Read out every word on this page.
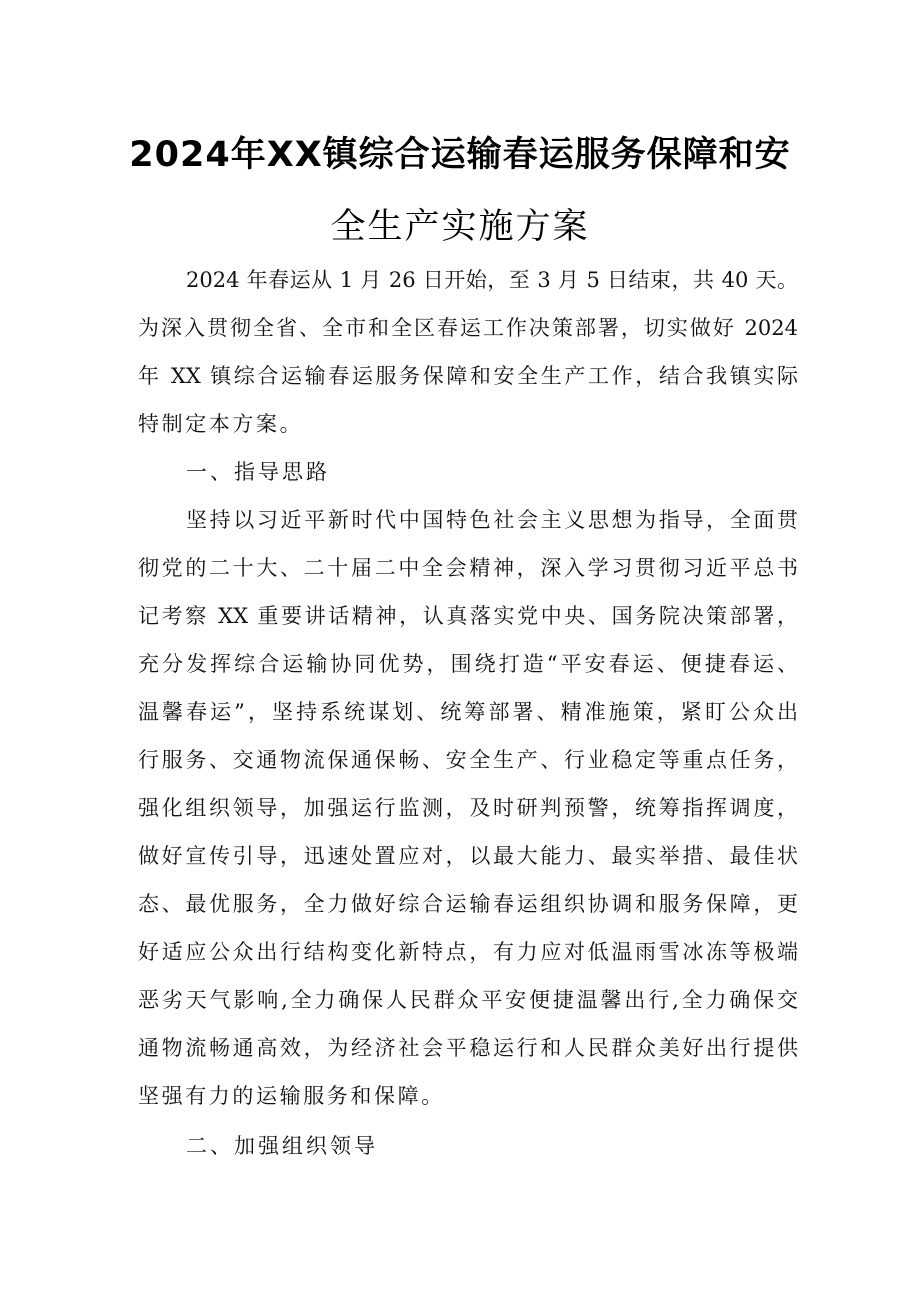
2024年XX镇综合运输春运服务保障和安
全生产实施方案
2024 年春运从 1 月 26 日开始，至 3 月 5 日结束，共 40 天。
为深入贯彻全省、全市和全区春运工作决策部署，切实做好 2024
年 XX 镇综合运输春运服务保障和安全生产工作，结合我镇实际
特制定本方案。
一、指导思路
坚持以习近平新时代中国特色社会主义思想为指导，全面贯
彻党的二十大、二十届二中全会精神，深入学习贯彻习近平总书
记考察 XX 重要讲话精神，认真落实党中央、国务院决策部署，
充分发挥综合运输协同优势，围绕打造“平安春运、便捷春运、
温馨春运”，坚持系统谋划、统筹部署、精准施策，紧盯公众出
行服务、交通物流保通保畅、安全生产、行业稳定等重点任务，
强化组织领导，加强运行监测，及时研判预警，统筹指挥调度，
做好宣传引导，迅速处置应对，以最大能力、最实举措、最佳状
态、最优服务，全力做好综合运输春运组织协调和服务保障，更
好适应公众出行结构变化新特点，有力应对低温雨雪冰冻等极端
恶劣天气影响,全力确保人民群众平安便捷温馨出行,全力确保交
通物流畅通高效，为经济社会平稳运行和人民群众美好出行提供
坚强有力的运输服务和保障。
二、加强组织领导
